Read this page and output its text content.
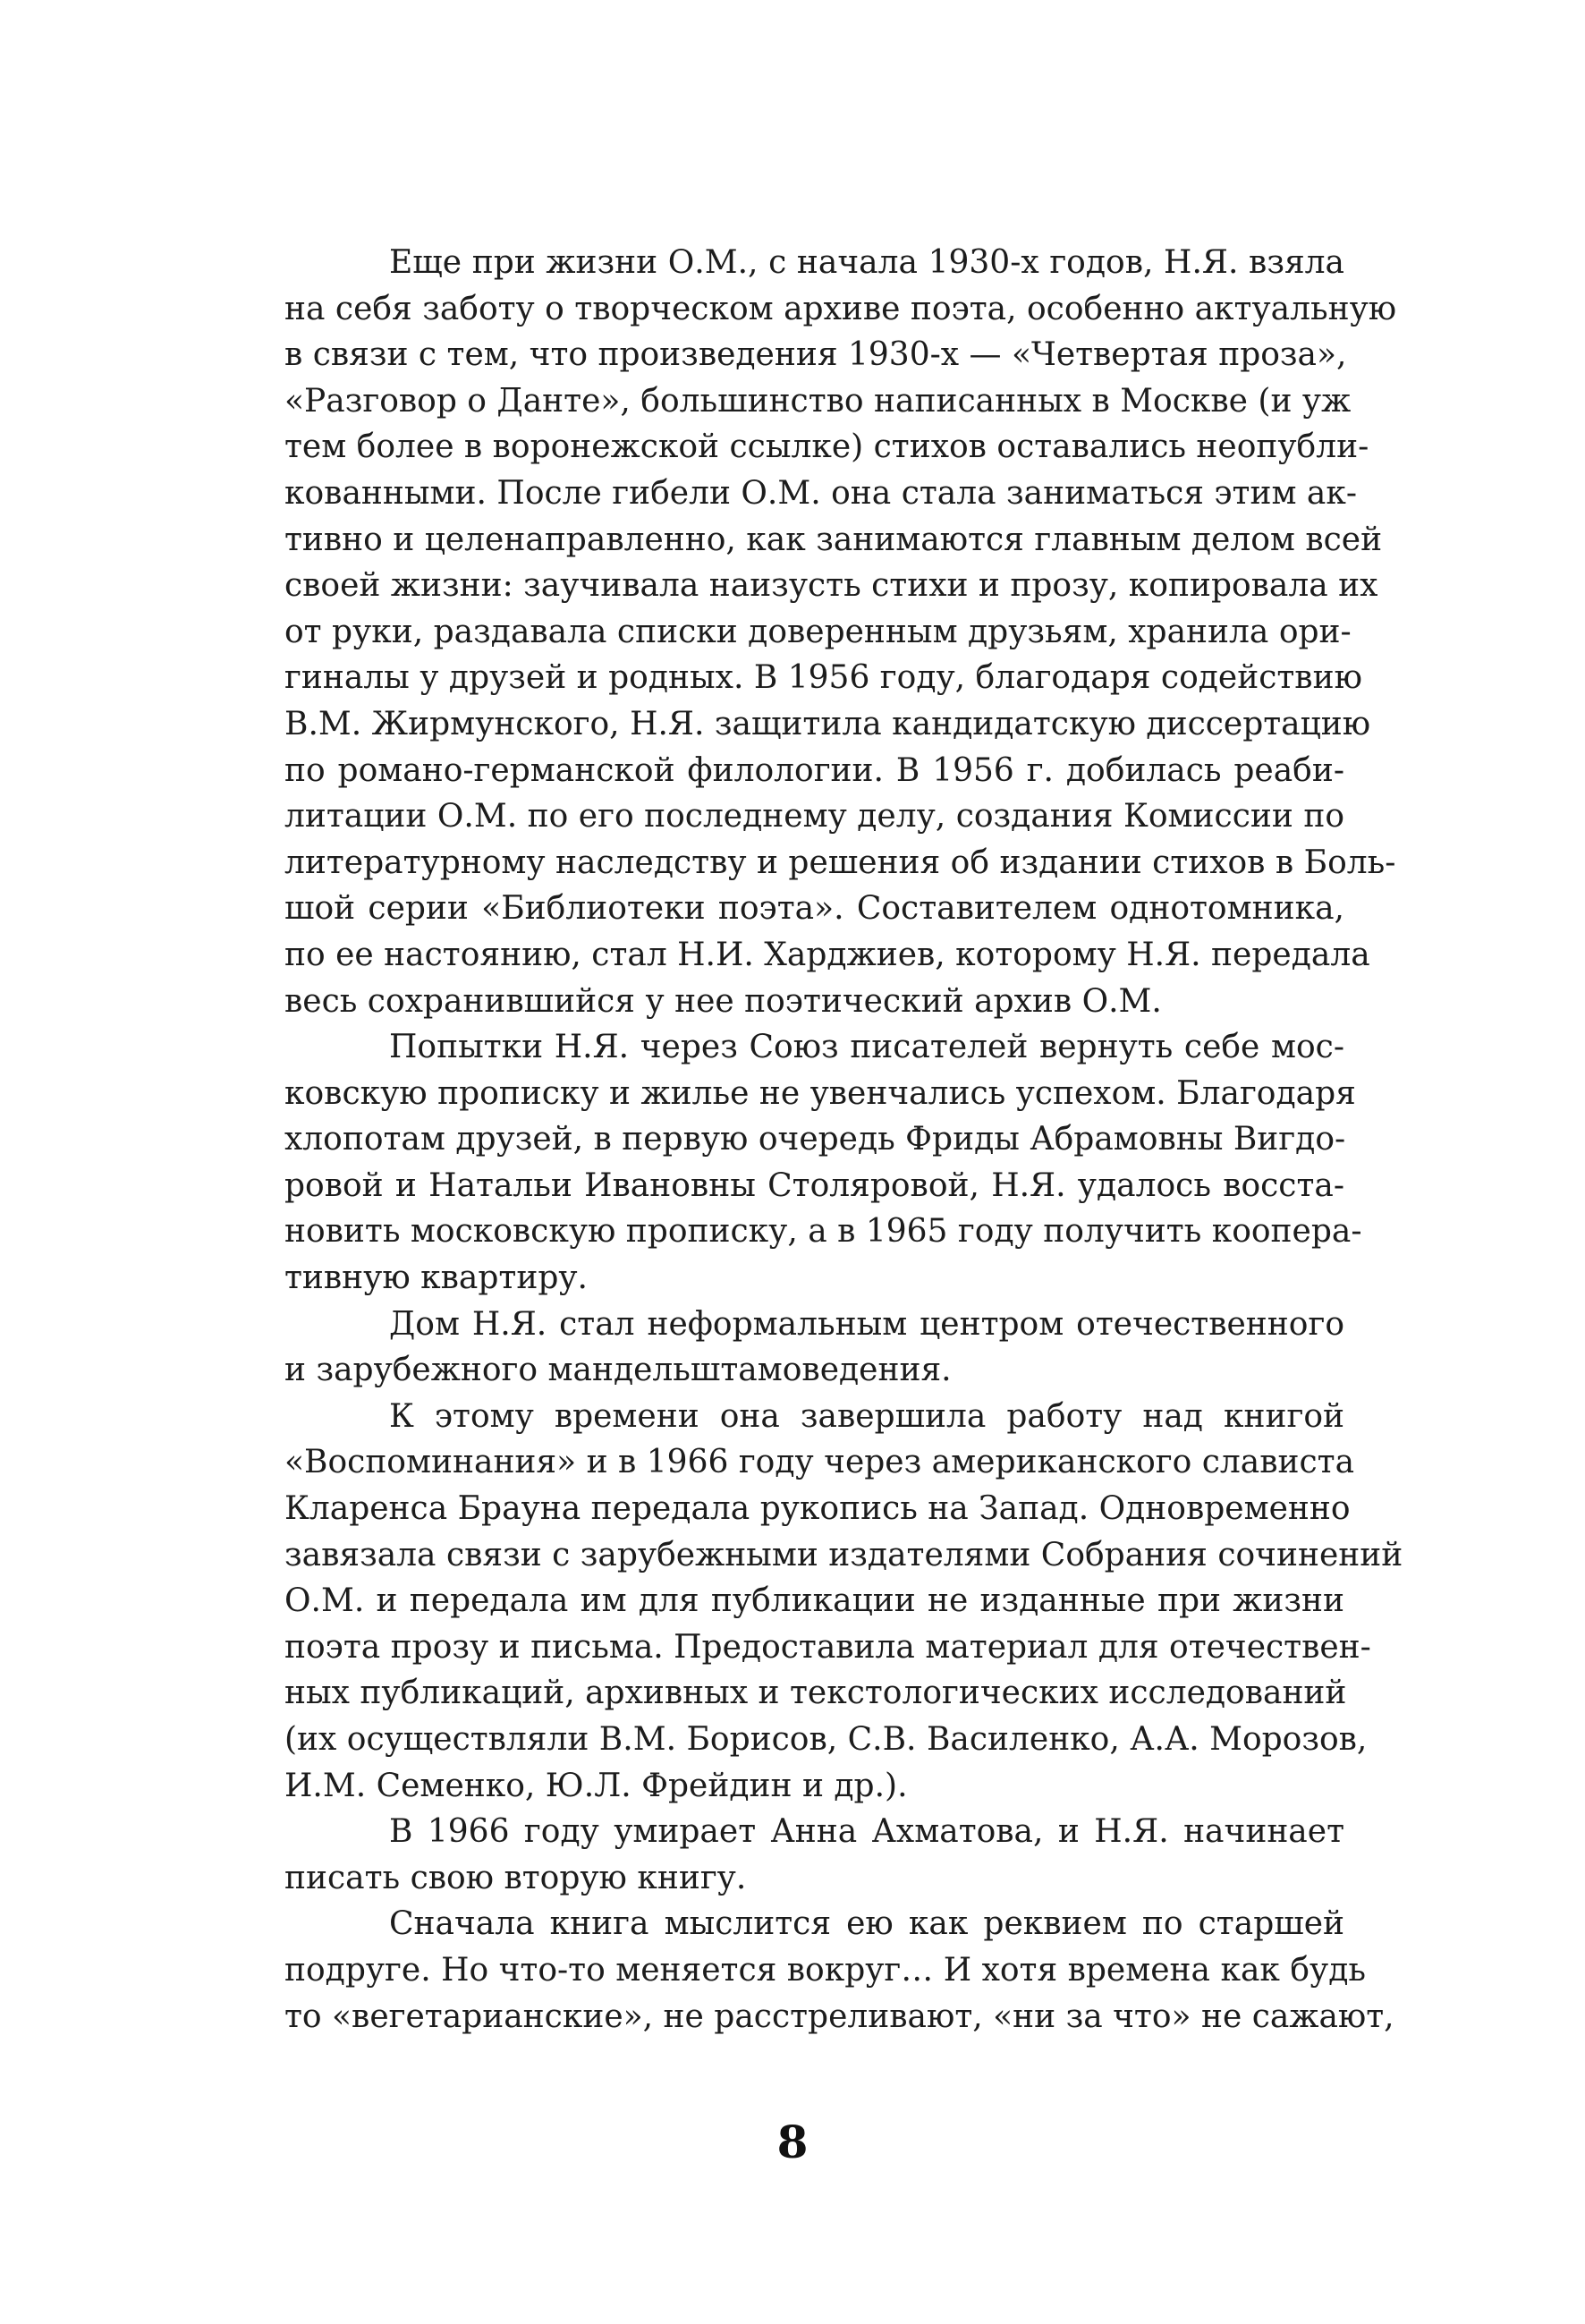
Еще при жизни О.М., с начала 1930-х годов, Н.Я. взяла
на себя заботу о творческом архиве поэта, особенно актуальную
в связи с тем, что произведения 1930-х — «Четвертая проза»,
«Разговор о Данте», большинство написанных в Москве (и уж
тем более в воронежской ссылке) стихов оставались неопубли-
кованными. После гибели О.М. она стала заниматься этим ак-
тивно и целенаправленно, как занимаются главным делом всей
своей жизни: заучивала наизусть стихи и прозу, копировала их
от руки, раздавала списки доверенным друзьям, хранила ори-
гиналы у друзей и родных. В 1956 году, благодаря содействию
В.М. Жирмунского, Н.Я. защитила кандидатскую диссертацию
по романо-германской филологии. В 1956 г. добилась реаби-
литации О.М. по его последнему делу, создания Комиссии по
литературному наследству и решения об издании стихов в Боль-
шой серии «Библиотеки поэта». Составителем однотомника,
по ее настоянию, стал Н.И. Харджиев, которому Н.Я. передала
весь сохранившийся у нее поэтический архив О.М.
Попытки Н.Я. через Союз писателей вернуть себе мос-
ковскую прописку и жилье не увенчались успехом. Благодаря
хлопотам друзей, в первую очередь Фриды Абрамовны Вигдо-
ровой и Натальи Ивановны Столяровой, Н.Я. удалось восста-
новить московскую прописку, а в 1965 году получить коопера-
тивную квартиру.
Дом Н.Я. стал неформальным центром отечественного
и зарубежного мандельштамоведения.
К этому времени она завершила работу над книгой
«Воспоминания» и в 1966 году через американского слависта
Кларенса Брауна передала рукопись на Запад. Одновременно
завязала связи с зарубежными издателями Собрания сочинений
О.М. и передала им для публикации не изданные при жизни
поэта прозу и письма. Предоставила материал для отечествен-
ных публикаций, архивных и текстологических исследований
(их осуществляли В.М. Борисов, С.В. Василенко, А.А. Морозов,
И.М. Семенко, Ю.Л. Фрейдин и др.).
В 1966 году умирает Анна Ахматова, и Н.Я. начинает
писать свою вторую книгу.
Сначала книга мыслится ею как реквием по старшей
подруге. Но что-то меняется вокруг… И хотя времена как будь
то «вегетарианские», не расстреливают, «ни за что» не сажают,
8
